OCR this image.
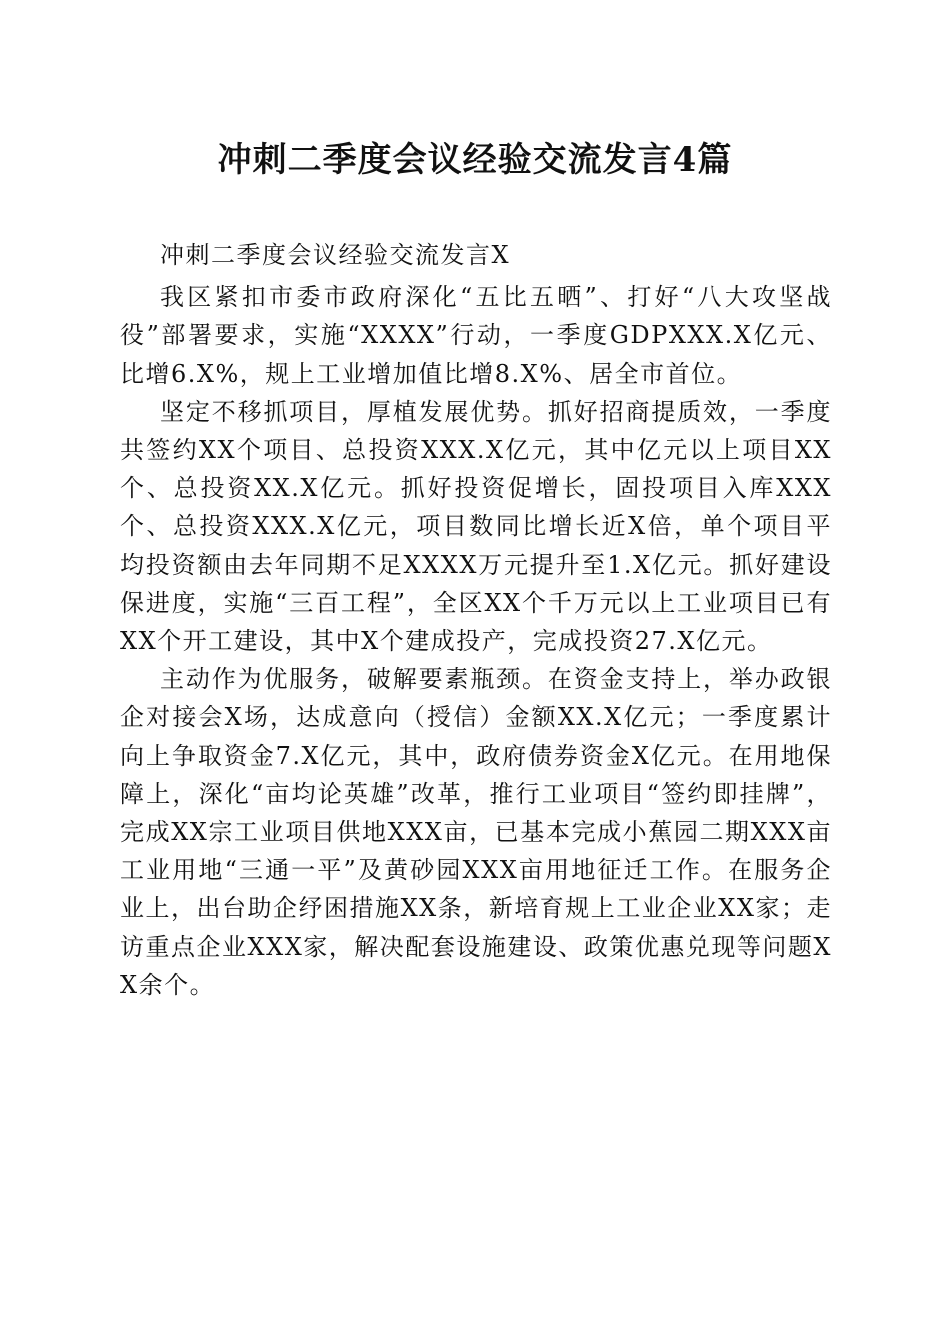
冲刺二季度会议经验交流发言4篇

冲刺二季度会议经验交流发言X

我区紧扣市委市政府深化“五比五晒”、打好“八大攻坚战役”部署要求，实施“XXXX”行动，一季度GDPXXX.X亿元、比增6.X%，规上工业增加值比增8.X%、居全市首位。

坚定不移抓项目，厚植发展优势。抓好招商提质效，一季度共签约XX个项目、总投资XXX.X亿元，其中亿元以上项目XX个、总投资XX.X亿元。抓好投资促增长，固投项目入库XXX个、总投资XXX.X亿元，项目数同比增长近X倍，单个项目平均投资额由去年同期不足XXXX万元提升至1.X亿元。抓好建设保进度，实施“三百工程”，全区XX个千万元以上工业项目已有XX个开工建设，其中X个建成投产，完成投资27.X亿元。

主动作为优服务，破解要素瓶颈。在资金支持上，举办政银企对接会X场，达成意向（授信）金额XX.X亿元；一季度累计向上争取资金7.X亿元，其中，政府债券资金X亿元。在用地保障上，深化“亩均论英雄”改革，推行工业项目“签约即挂牌”，完成XX宗工业项目供地XXX亩，已基本完成小蕉园二期XXX亩工业用地“三通一平”及黄砂园XXX亩用地征迁工作。在服务企业上，出台助企纾困措施XX条，新培育规上工业企业XX家；走访重点企业XXX家，解决配套设施建设、政策优惠兑现等问题XX余个。
